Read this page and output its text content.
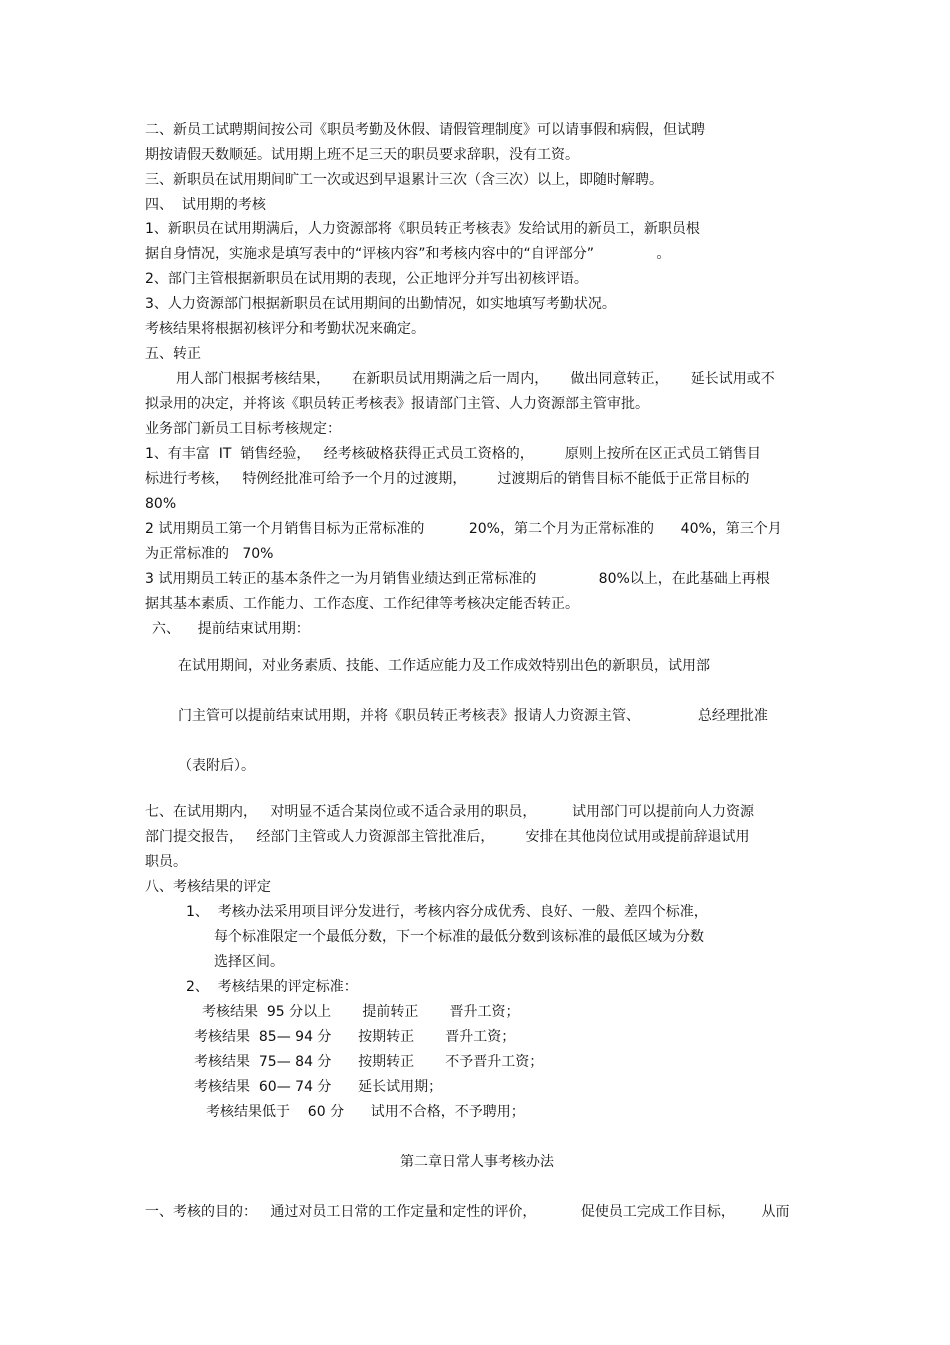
二、新员工试聘期间按公司《职员考勤及休假、请假管理制度》可以请事假和病假，但试聘
期按请假天数顺延。试用期上班不足三天的职员要求辞职，没有工资。
三、新职员在试用期间旷工一次或迟到早退累计三次（含三次）以上，即随时解聘。
四、  试用期的考核
1、新职员在试用期满后，人力资源部将《职员转正考核表》发给试用的新员工，新职员根
据自身情况，实施求是填写表中的“评核内容”和考核内容中的“自评部分”              。
2、部门主管根据新职员在试用期的表现，公正地评分并写出初核评语。
3、人力资源部门根据新职员在试用期间的出勤情况，如实地填写考勤状况。
考核结果将根据初核评分和考勤状况来确定。
五、转正
用人部门根据考核结果，     在新职员试用期满之后一周内，     做出同意转正，     延长试用或不
拟录用的决定，并将该《职员转正考核表》报请部门主管、人力资源部主管审批。
业务部门新员工目标考核规定：
1、有丰富  IT  销售经验，   经考核破格获得正式员工资格的，       原则上按所在区正式员工销售目
标进行考核，   特例经批准可给予一个月的过渡期，       过渡期后的销售目标不能低于正常目标的
80%
2 试用期员工第一个月销售目标为正常标准的          20%，第二个月为正常标准的      40%，第三个月
为正常标准的   70%
3 试用期员工转正的基本条件之一为月销售业绩达到正常标准的              80%以上，在此基础上再根
据其基本素质、工作能力、工作态度、工作纪律等考核决定能否转正。
六、    提前结束试用期：
在试用期间，对业务素质、技能、工作适应能力及工作成效特别出色的新职员，试用部
门主管可以提前结束试用期，并将《职员转正考核表》报请人力资源主管、             总经理批准
（表附后）。
七、在试用期内，   对明显不适合某岗位或不适合录用的职员，        试用部门可以提前向人力资源
部门提交报告，   经部门主管或人力资源部主管批准后，       安排在其他岗位试用或提前辞退试用
职员。
八、考核结果的评定
1、  考核办法采用项目评分发进行，考核内容分成优秀、良好、一般、差四个标准，
每个标准限定一个最低分数，下一个标准的最低分数到该标准的最低区域为分数
选择区间。
2、  考核结果的评定标准：
考核结果  95 分以上       提前转正       晋升工资；
考核结果  85— 94 分      按期转正       晋升工资；
考核结果  75— 84 分      按期转正       不予晋升工资；
考核结果  60— 74 分      延长试用期；
考核结果低于    60 分      试用不合格，不予聘用；
第二章日常人事考核办法
一、考核的目的：   通过对员工日常的工作定量和定性的评价，          促使员工完成工作目标，      从而
